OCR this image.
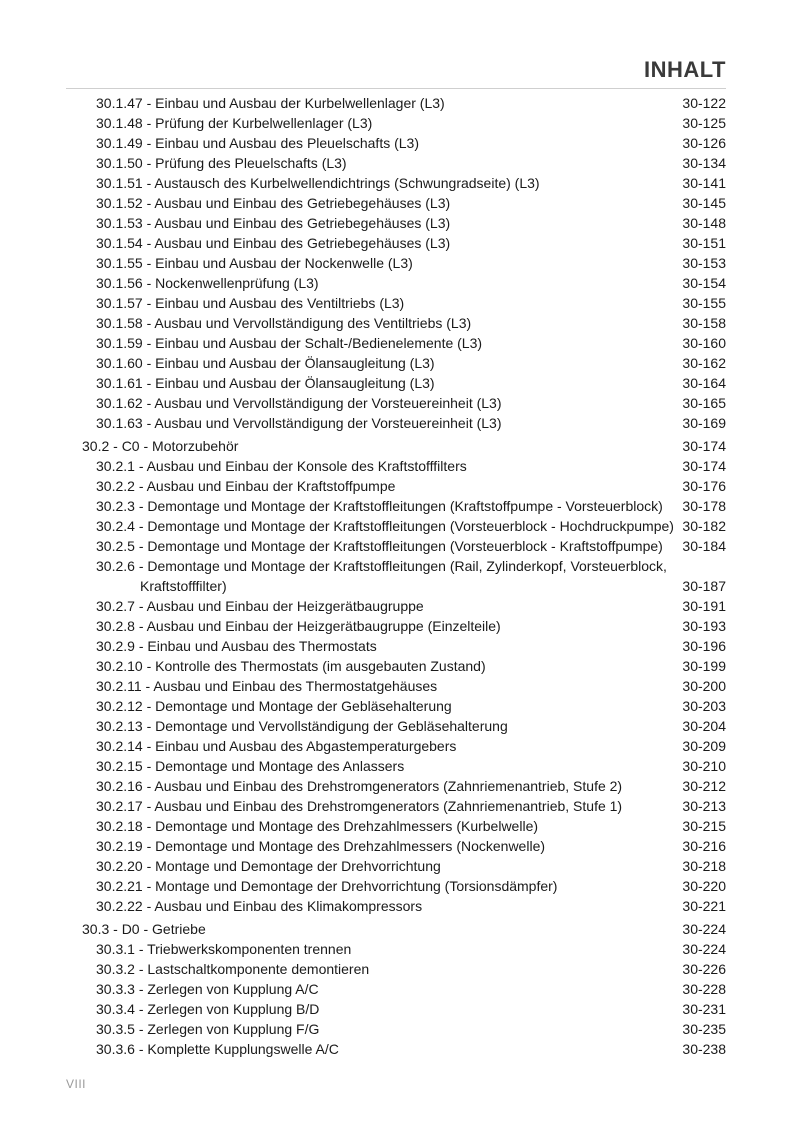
INHALT
30.1.47 - Einbau und Ausbau der Kurbelwellenlager (L3)	30-122
30.1.48 - Prüfung der Kurbelwellenlager (L3)	30-125
30.1.49 - Einbau und Ausbau des Pleuelschafts (L3)	30-126
30.1.50 - Prüfung des Pleuelschafts (L3)	30-134
30.1.51 - Austausch des Kurbelwellendichtrings (Schwungradseite) (L3)	30-141
30.1.52 - Ausbau und Einbau des Getriebegehäuses (L3)	30-145
30.1.53 - Ausbau und Einbau des Getriebegehäuses (L3)	30-148
30.1.54 - Ausbau und Einbau des Getriebegehäuses (L3)	30-151
30.1.55 - Einbau und Ausbau der Nockenwelle (L3)	30-153
30.1.56 - Nockenwellenprüfung (L3)	30-154
30.1.57 - Einbau und Ausbau des Ventiltriebs (L3)	30-155
30.1.58 - Ausbau und Vervollständigung des Ventiltriebs (L3)	30-158
30.1.59 - Einbau und Ausbau der Schalt-/Bedienelemente (L3)	30-160
30.1.60 - Einbau und Ausbau der Ölansaugleitung (L3)	30-162
30.1.61 - Einbau und Ausbau der Ölansaugleitung (L3)	30-164
30.1.62 - Ausbau und Vervollständigung der Vorsteuereinheit (L3)	30-165
30.1.63 - Ausbau und Vervollständigung der Vorsteuereinheit (L3)	30-169
30.2 - C0 - Motorzubehör	30-174
30.2.1 - Ausbau und Einbau der Konsole des Kraftstofffilters	30-174
30.2.2 - Ausbau und Einbau der Kraftstoffpumpe	30-176
30.2.3 - Demontage und Montage der Kraftstoffleitungen (Kraftstoffpumpe - Vorsteuerblock) 30-178
30.2.4 - Demontage und Montage der Kraftstoffleitungen (Vorsteuerblock - Hochdruckpumpe) 30-182
30.2.5 - Demontage und Montage der Kraftstoffleitungen (Vorsteuerblock - Kraftstoffpumpe) 30-184
30.2.6 - Demontage und Montage der Kraftstoffleitungen (Rail, Zylinderkopf, Vorsteuerblock,
Kraftstofffilter)	30-187
30.2.7 - Ausbau und Einbau der Heizgerätbaugruppe	30-191
30.2.8 - Ausbau und Einbau der Heizgerätbaugruppe (Einzelteile)	30-193
30.2.9 - Einbau und Ausbau des Thermostats	30-196
30.2.10 - Kontrolle des Thermostats (im ausgebauten Zustand)	30-199
30.2.11 - Ausbau und Einbau des Thermostatgehäuses	30-200
30.2.12 - Demontage und Montage der Gebläsehalterung	30-203
30.2.13 - Demontage und Vervollständigung der Gebläsehalterung	30-204
30.2.14 - Einbau und Ausbau des Abgastemperaturgebers	30-209
30.2.15 - Demontage und Montage des Anlassers	30-210
30.2.16 - Ausbau und Einbau des Drehstromgenerators (Zahnriemenantrieb, Stufe 2)	30-212
30.2.17 - Ausbau und Einbau des Drehstromgenerators (Zahnriemenantrieb, Stufe 1)	30-213
30.2.18 - Demontage und Montage des Drehzahlmessers (Kurbelwelle)	30-215
30.2.19 - Demontage und Montage des Drehzahlmessers (Nockenwelle)	30-216
30.2.20 - Montage und Demontage der Drehvorrichtung	30-218
30.2.21 - Montage und Demontage der Drehvorrichtung (Torsionsdämpfer)	30-220
30.2.22 - Ausbau und Einbau des Klimakompressors	30-221
30.3 - D0 - Getriebe	30-224
30.3.1 - Triebwerkskomponenten trennen	30-224
30.3.2 - Lastschaltkomponente demontieren	30-226
30.3.3 - Zerlegen von Kupplung A/C	30-228
30.3.4 - Zerlegen von Kupplung B/D	30-231
30.3.5 - Zerlegen von Kupplung F/G	30-235
30.3.6 - Komplette Kupplungswelle A/C	30-238
VIII
